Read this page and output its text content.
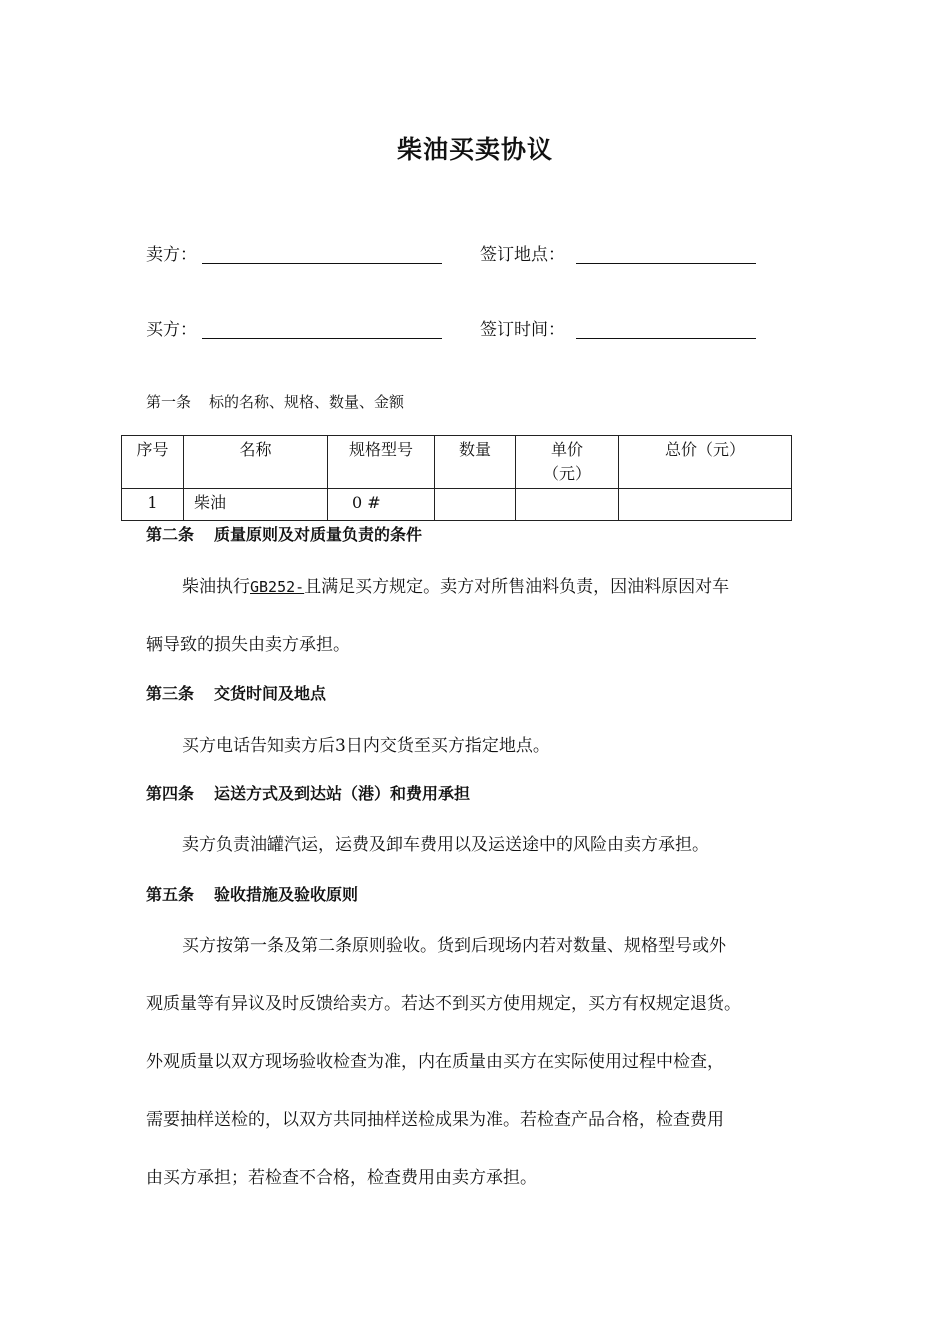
柴油买卖协议
卖方：	签订地点：
买方：	签订时间：
第一条 标的名称、规格、数量、金额
序号	名称	规格型号	数量	单价（元）	总价（元）
1	柴油	0 #			
第二条 质量原则及对质量负责的条件
柴油执行GB252-且满足买方规定。卖方对所售油料负责，因油料原因对车
辆导致的损失由卖方承担。
第三条 交货时间及地点
买方电话告知卖方后3日内交货至买方指定地点。
第四条 运送方式及到达站（港）和费用承担
卖方负责油罐汽运，运费及卸车费用以及运送途中的风险由卖方承担。
第五条 验收措施及验收原则
买方按第一条及第二条原则验收。货到后现场内若对数量、规格型号或外
观质量等有异议及时反馈给卖方。若达不到买方使用规定，买方有权规定退货。
外观质量以双方现场验收检查为准，内在质量由买方在实际使用过程中检查，
需要抽样送检的，以双方共同抽样送检成果为准。若检查产品合格，检查费用
由买方承担；若检查不合格，检查费用由卖方承担。
